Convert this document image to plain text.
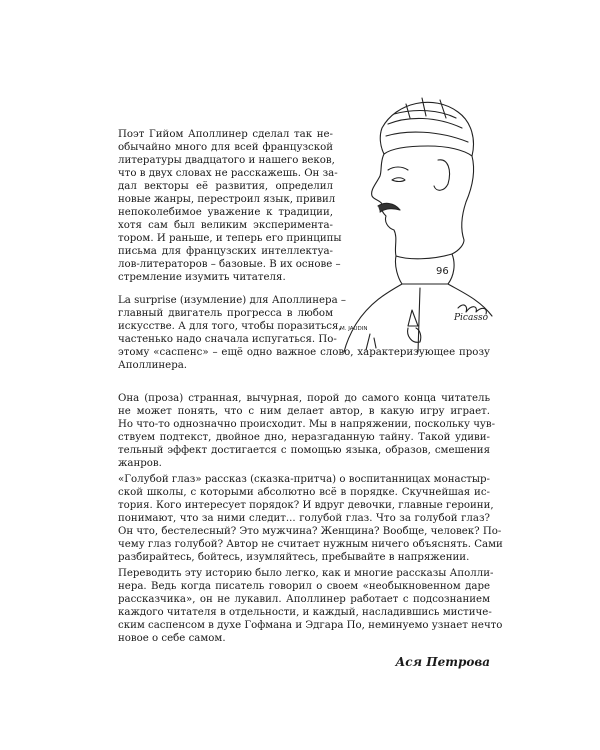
Поэт Гийом Аполлинер сделал так не-
обычайно много для всей французской
литературы двадцатого и нашего веков,
что в двух словах не расскажешь. Он за-
дал векторы её развития, определил
новые жанры, перестроил язык, привил
непоколебимое уважение к традиции,
хотя сам был великим эксперимента-
тором. И раньше, и теперь его принципы
письма для французских интеллектуа-
лов-литераторов – базовые. В их основе –
стремление изумить читателя.
La surprise (изумление) для Аполлинера –
главный двигатель прогресса в любом
искусстве. А для того, чтобы поразиться,
частенько надо сначала испугаться. По-
этому «саспенс» – ещё одно важное слово, характеризующее прозу
Аполлинера.
Она (проза) странная, вычурная, порой до самого конца читатель
не может понять, что с ним делает автор, в какую игру играет.
Но что-то однозначно происходит. Мы в напряжении, поскольку чув-
ствуем подтекст, двойное дно, неразгаданную тайну. Такой удиви-
тельный эффект достигается с помощью языка, образов, смешения
жанров.
«Голубой глаз» рассказ (сказка-притча) о воспитанницах монастыр-
ской школы, с которыми абсолютно всё в порядке. Скучнейшая ис-
тория. Кого интересует порядок? И вдруг девочки, главные героини,
понимают, что за ними следит... голубой глаз. Что за голубой глаз?
Он что, бестелесный? Это мужчина? Женщина? Вообще, человек? По-
чему глаз голубой? Автор не считает нужным ничего объяснять. Сами
разбирайтесь, бойтесь, изумляйтесь, пребывайте в напряжении.
Переводить эту историю было легко, как и многие рассказы Аполли-
нера. Ведь когда писатель говорил о своем «необыкновенном даре
рассказчика», он не лукавил. Аполлинер работает с подсознанием
каждого читателя в отдельности, и каждый, насладившись мистиче-
ским саспенсом в духе Гофмана и Эдгара По, неминуемо узнает нечто
новое о себе самом.
Ася Петрова
96
M. JAUDIN
Picasso
